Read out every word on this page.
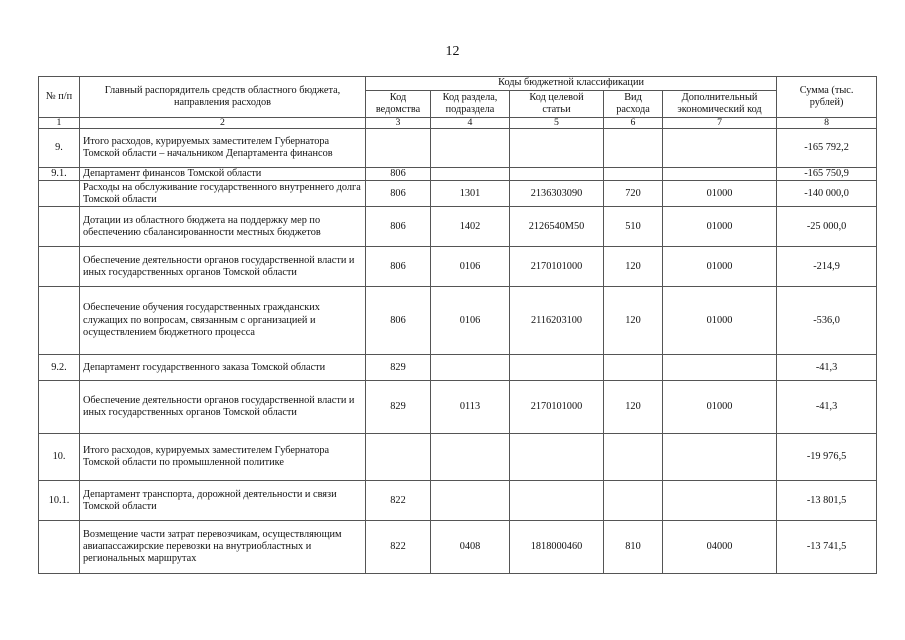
12
№ п/п	Главный распорядитель средств областного бюджета, направления расходов	Коды бюджетной классификации					Сумма (тыс. рублей)
		Код ведомства	Код раздела, подраздела	Код целевой статьи	Вид расхода	Дополнительный экономический код	
1	2	3	4	5	6	7	8
9.	Итого расходов, курируемых заместителем Губернатора Томской области – начальником Департамента финансов						-165 792,2
9.1.	Департамент финансов Томской области	806					-165 750,9
	Расходы на обслуживание государственного внутреннего долга Томской области	806	1301	2136303090	720	01000	-140 000,0
	Дотации из областного бюджета на поддержку мер по обеспечению сбалансированности местных бюджетов	806	1402	2126540M50	510	01000	-25 000,0
	Обеспечение деятельности органов государственной власти и иных государственных органов Томской области	806	0106	2170101000	120	01000	-214,9
	Обеспечение обучения государственных гражданских служащих по вопросам, связанным с организацией и осуществлением бюджетного процесса	806	0106	2116203100	120	01000	-536,0
9.2.	Департамент государственного заказа Томской области	829					-41,3
	Обеспечение деятельности органов государственной власти и иных государственных органов Томской области	829	0113	2170101000	120	01000	-41,3
10.	Итого расходов, курируемых заместителем Губернатора Томской области по промышленной политике						-19 976,5
10.1.	Департамент транспорта, дорожной деятельности и связи Томской области	822					-13 801,5
	Возмещение части затрат перевозчикам, осуществляющим авиапассажирские перевозки на внутриобластных и региональных маршрутах	822	0408	1818000460	810	04000	-13 741,5
